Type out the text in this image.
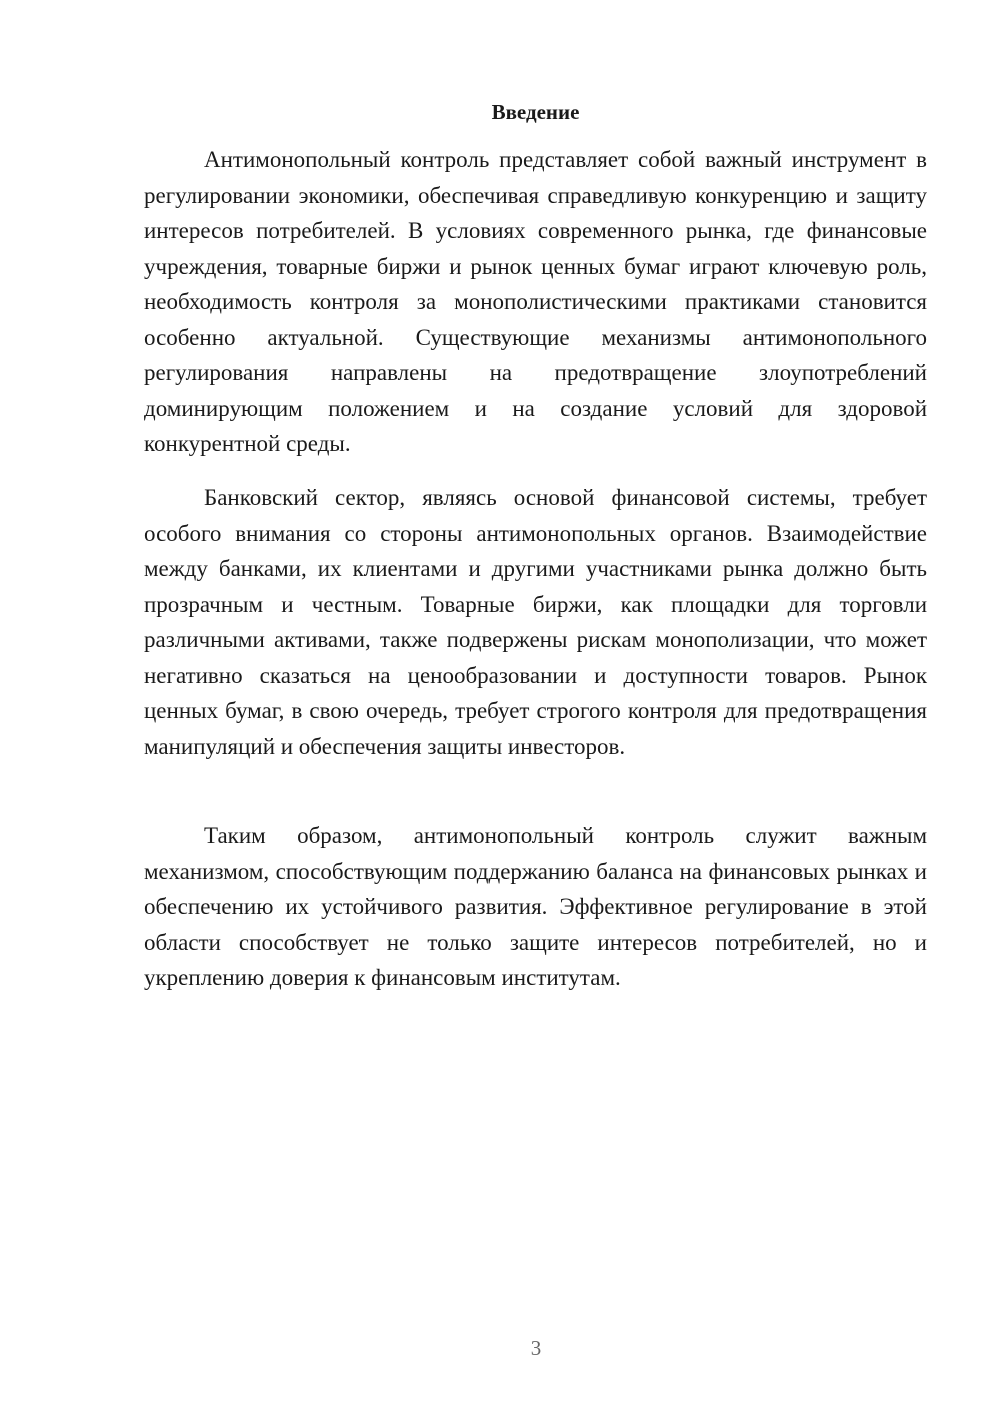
Введение

Антимонопольный контроль представляет собой важный инструмент в регулировании экономики, обеспечивая справедливую конкуренцию и защиту интересов потребителей. В условиях современного рынка, где финансовые учреждения, товарные биржи и рынок ценных бумаг играют ключевую роль, необходимость контроля за монополистическими практиками становится особенно актуальной. Существующие механизмы антимонопольного регулирования направлены на предотвращение злоупотреблений доминирующим положением и на создание условий для здоровой конкурентной среды.

Банковский сектор, являясь основой финансовой системы, требует особого внимания со стороны антимонопольных органов. Взаимодействие между банками, их клиентами и другими участниками рынка должно быть прозрачным и честным. Товарные биржи, как площадки для торговли различными активами, также подвержены рискам монополизации, что может негативно сказаться на ценообразовании и доступности товаров. Рынок ценных бумаг, в свою очередь, требует строгого контроля для предотвращения манипуляций и обеспечения защиты инвесторов.

Таким образом, антимонопольный контроль служит важным механизмом, способствующим поддержанию баланса на финансовых рынках и обеспечению их устойчивого развития. Эффективное регулирование в этой области способствует не только защите интересов потребителей, но и укреплению доверия к финансовым институтам.

3
